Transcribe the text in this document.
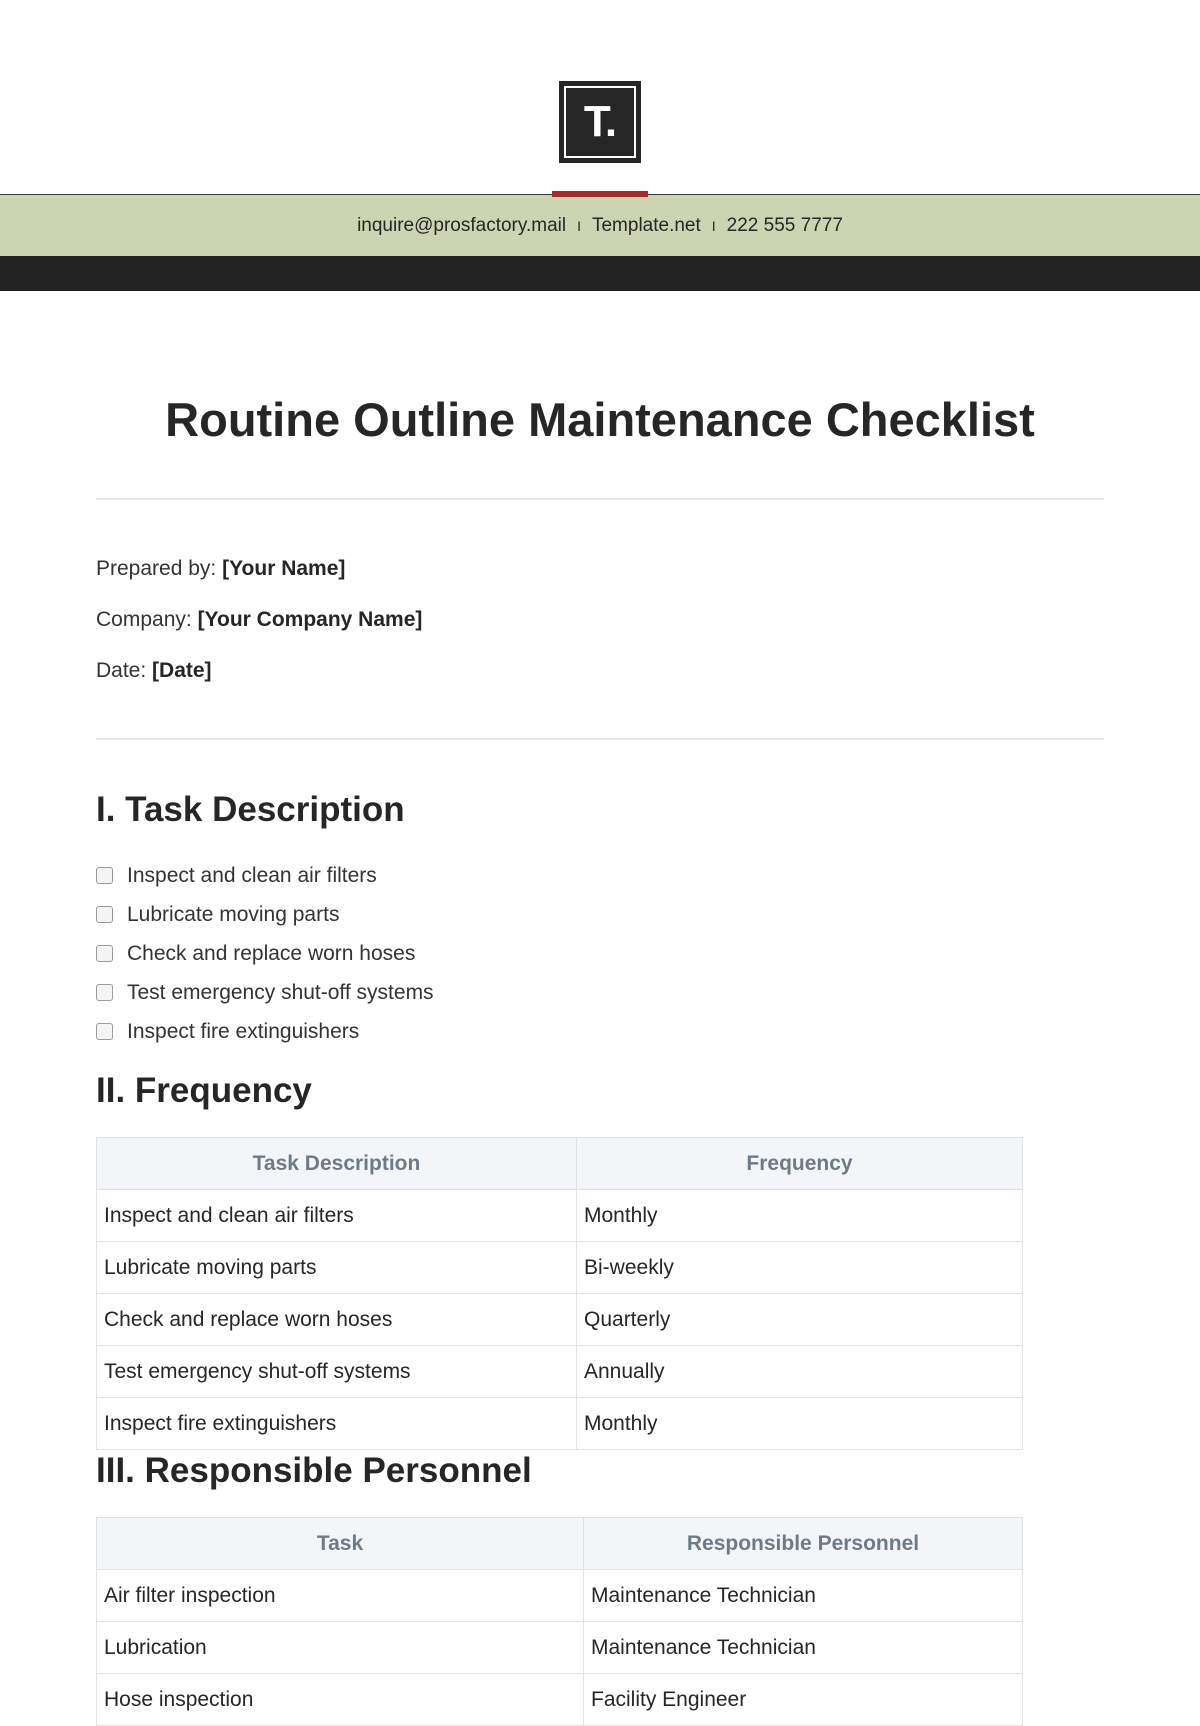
T.
inquire@prosfactory.mail I Template.net I 222 555 7777
Routine Outline Maintenance Checklist
Prepared by: [Your Name]
Company: [Your Company Name]
Date: [Date]
I. Task Description
Inspect and clean air filters
Lubricate moving parts
Check and replace worn hoses
Test emergency shut-off systems
Inspect fire extinguishers
II. Frequency
Task Description	Frequency
Inspect and clean air filters	Monthly
Lubricate moving parts	Bi-weekly
Check and replace worn hoses	Quarterly
Test emergency shut-off systems	Annually
Inspect fire extinguishers	Monthly
III. Responsible Personnel
Task	Responsible Personnel
Air filter inspection	Maintenance Technician
Lubrication	Maintenance Technician
Hose inspection	Facility Engineer
